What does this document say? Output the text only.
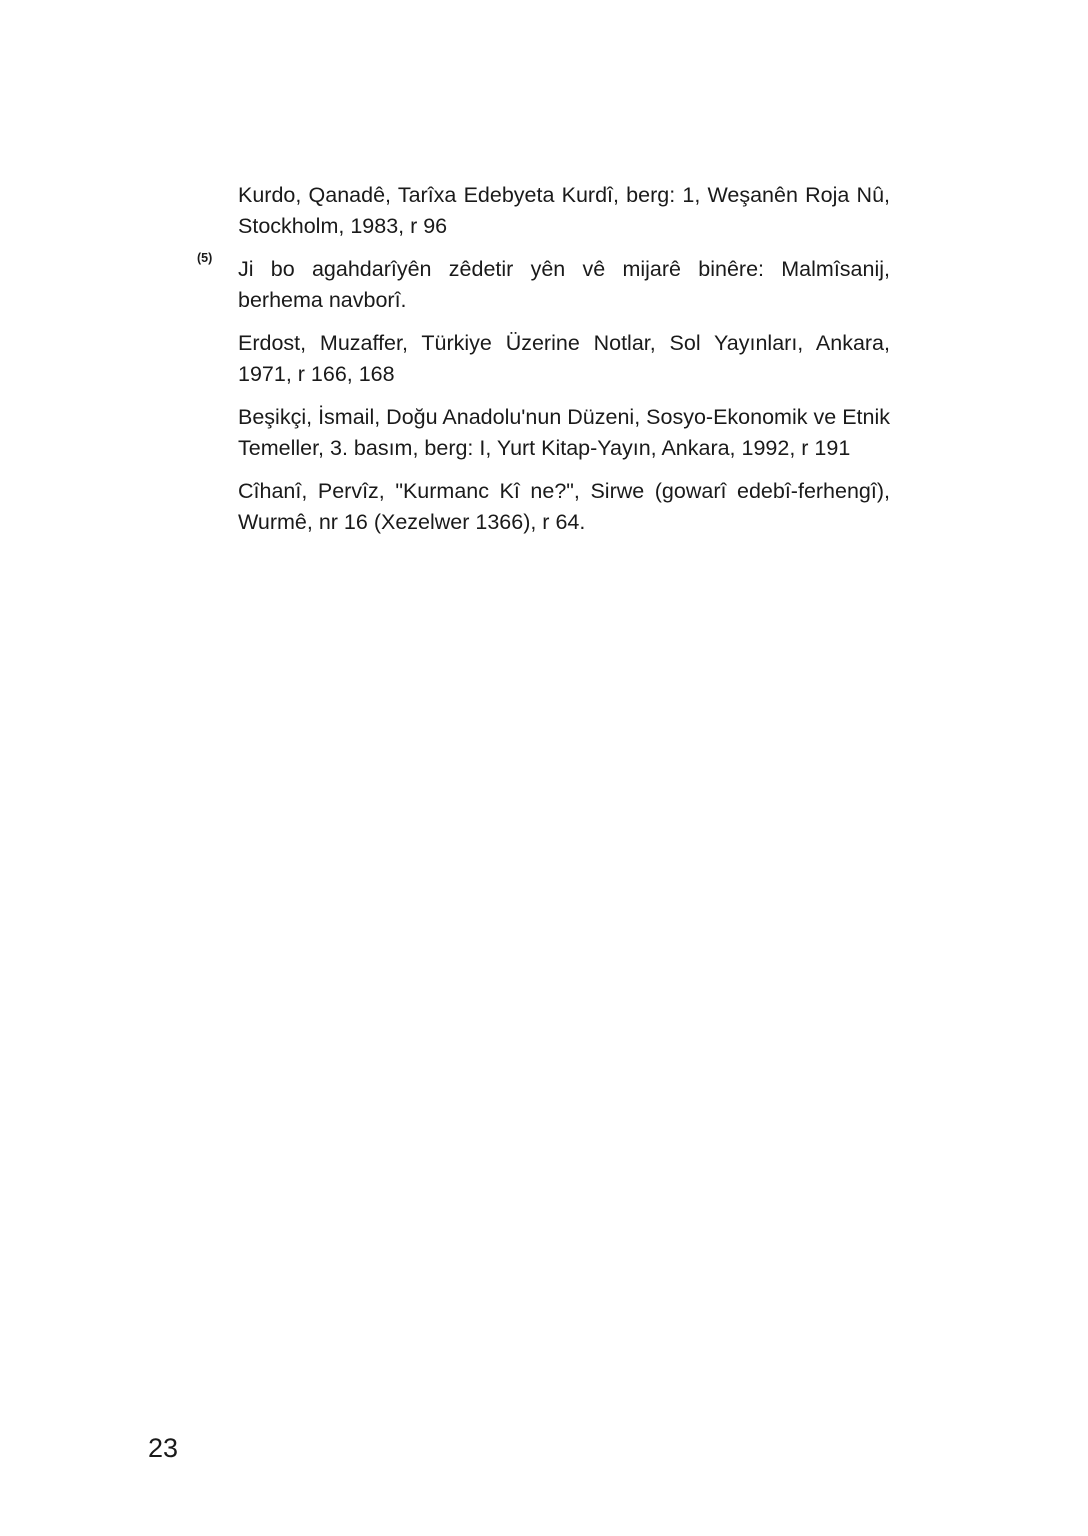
Kurdo, Qanadê, Tarîxa Edebyeta Kurdî, berg: 1, Weşanên Roja Nû, Stockholm, 1983, r 96

(5) Ji bo agahdarîyên zêdetir yên vê mijarê binêre: Malmîsanij, berhema navborî.

Erdost, Muzaffer, Türkiye Üzerine Notlar, Sol Yayınları, Ankara, 1971, r 166, 168

Beşikçi, İsmail, Doğu Anadolu'nun Düzeni, Sosyo-Ekonomik ve Etnik Temeller, 3. basım, berg: I, Yurt Kitap-Yayın, Ankara, 1992, r 191

Cîhanî, Pervîz, "Kurmanc Kî ne?", Sirwe (gowarî edebî-ferhengî), Wurmê, nr 16 (Xezelwer 1366), r 64.

23
